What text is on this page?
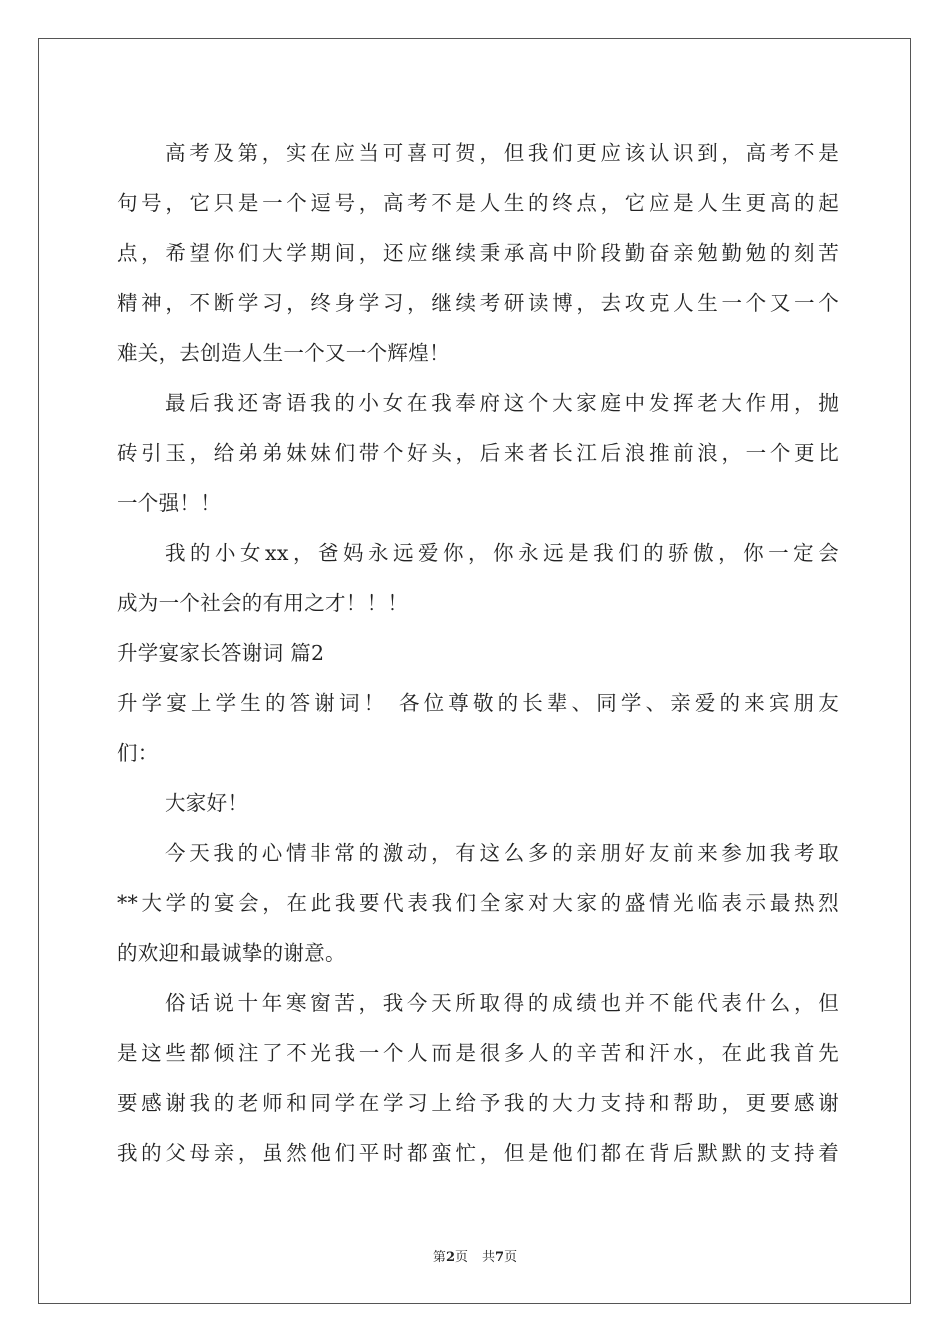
高考及第，实在应当可喜可贺，但我们更应该认识到，高考不是
句号，它只是一个逗号，高考不是人生的终点，它应是人生更高的起
点，希望你们大学期间，还应继续秉承高中阶段勤奋亲勉勤勉的刻苦
精神，不断学习，终身学习，继续考研读博，去攻克人生一个又一个
难关，去创造人生一个又一个辉煌！
最后我还寄语我的小女在我奉府这个大家庭中发挥老大作用，抛
砖引玉，给弟弟妹妹们带个好头，后来者长江后浪推前浪，一个更比
一个强！！
我的小女xx，爸妈永远爱你，你永远是我们的骄傲，你一定会
成为一个社会的有用之才！！！
升学宴家长答谢词 篇2
升学宴上学生的答谢词！ 各位尊敬的长辈、同学、亲爱的来宾朋友
们：
大家好！
今天我的心情非常的激动，有这么多的亲朋好友前来参加我考取
**大学的宴会，在此我要代表我们全家对大家的盛情光临表示最热烈
的欢迎和最诚挚的谢意。
俗话说十年寒窗苦，我今天所取得的成绩也并不能代表什么，但
是这些都倾注了不光我一个人而是很多人的辛苦和汗水，在此我首先
要感谢我的老师和同学在学习上给予我的大力支持和帮助，更要感谢
我的父母亲，虽然他们平时都蛮忙，但是他们都在背后默默的支持着
第2页 共7页
